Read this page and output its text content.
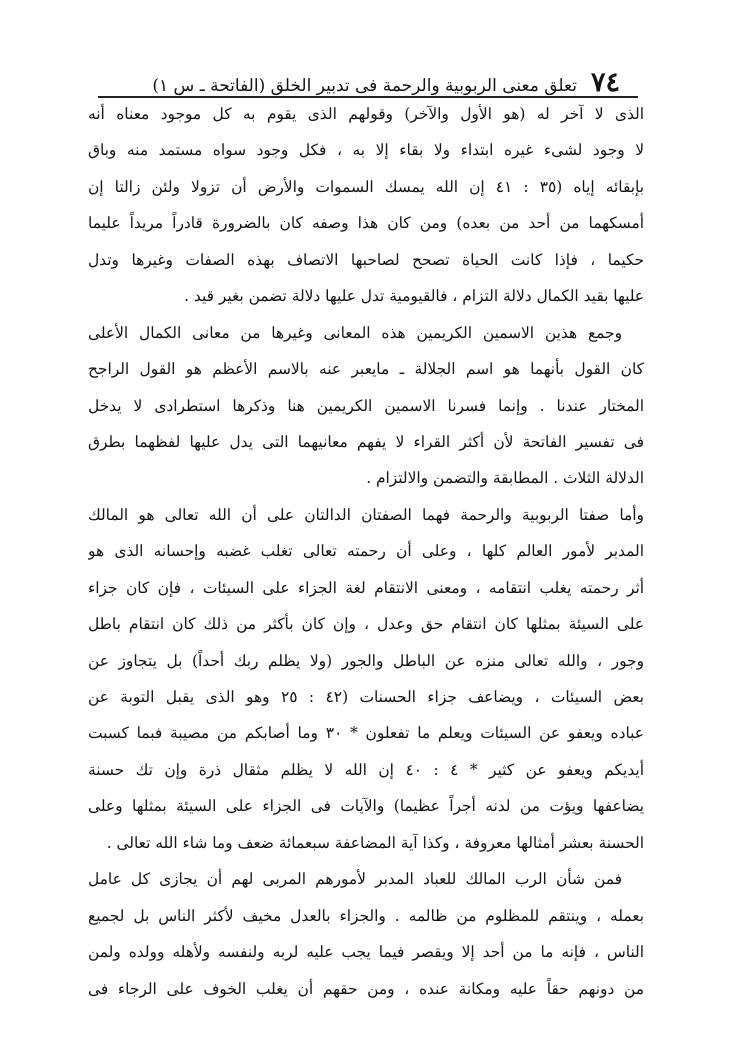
٧٤
تعلق معنى الربوبية والرحمة فى تدبير الخلق (الفاتحة ـ س ١)
الذى لا آخر له (هو الأول والآخر) وقولهم الذى يقوم به كل موجود معناه أنه
لا وجود لشىء غيره ابتداء ولا بقاء إلا به ، فكل وجود سواه مستمد منه وباق
بإبقائه إياه (٣٥ : ٤١ إن الله يمسك السموات والأرض أن تزولا ولئن زالتا إن
أمسكهما من أحد من بعده) ومن كان هذا وصفه كان بالضرورة قادراً مريداً عليما
حكيما ، فإذا كانت الحياة تصحح لصاحبها الاتصاف بهذه الصفات وغيرها وتدل
عليها بقيد الكمال دلالة التزام ، فالقيومية تدل عليها دلالة تضمن بغير قيد .
وجمع هذين الاسمين الكريمين هذه المعانى وغيرها من معانى الكمال الأعلى
كان القول بأنهما هو اسم الجلالة ـ مايعبر عنه بالاسم الأعظم هو القول الراجح
المختار عندنا . وإنما فسرنا الاسمين الكريمين هنا وذكرها استطرادى لا يدخل
فى تفسير الفاتحة لأن أكثر القراء لا يفهم معانيهما التى يدل عليها لفظهما بطرق
الدلالة الثلاث . المطابقة والتضمن والالتزام .
وأما صفتا الربوبية والرحمة فهما الصفتان الدالتان على أن الله تعالى هو المالك
المدبر لأمور العالم كلها ، وعلى أن رحمته تعالى تغلب غضبه وإحسانه الذى هو
أثر رحمته يغلب انتقامه ، ومعنى الانتقام لغة الجزاء على السيئات ، فإن كان جزاء
على السيئة بمثلها كان انتقام حق وعدل ، وإن كان بأكثر من ذلك كان انتقام باطل
وجور ، والله تعالى منزه عن الباطل والجور (ولا يظلم ربك أحداً) بل يتجاوز عن
بعض السيئات ، ويضاعف جزاء الحسنات (٤٢ : ٢٥ وهو الذى يقبل التوبة عن
عباده ويعفو عن السيئات ويعلم ما تفعلون * ٣٠ وما أصابكم من مصيبة فبما كسبت
أيديكم ويعفو عن كثير * ٤ : ٤٠ إن الله لا يظلم مثقال ذرة وإن تك حسنة
يضاعفها ويؤت من لدنه أجراً عظيما) والآيات فى الجزاء على السيئة بمثلها وعلى
الحسنة بعشر أمثالها معروفة ، وكذا آية المضاعفة سبعمائة ضعف وما شاء الله تعالى .
فمن شأن الرب المالك للعباد المدبر لأمورهم المربى لهم أن يجازى كل عامل
بعمله ، وينتقم للمظلوم من ظالمه . والجزاء بالعدل مخيف لأكثر الناس بل لجميع
الناس ، فإنه ما من أحد إلا ويقصر فيما يجب عليه لربه ولنفسه ولأهله وولده ولمن
من دونهم حقاً عليه ومكانة عنده ، ومن حقهم أن يغلب الخوف على الرجاء فى
